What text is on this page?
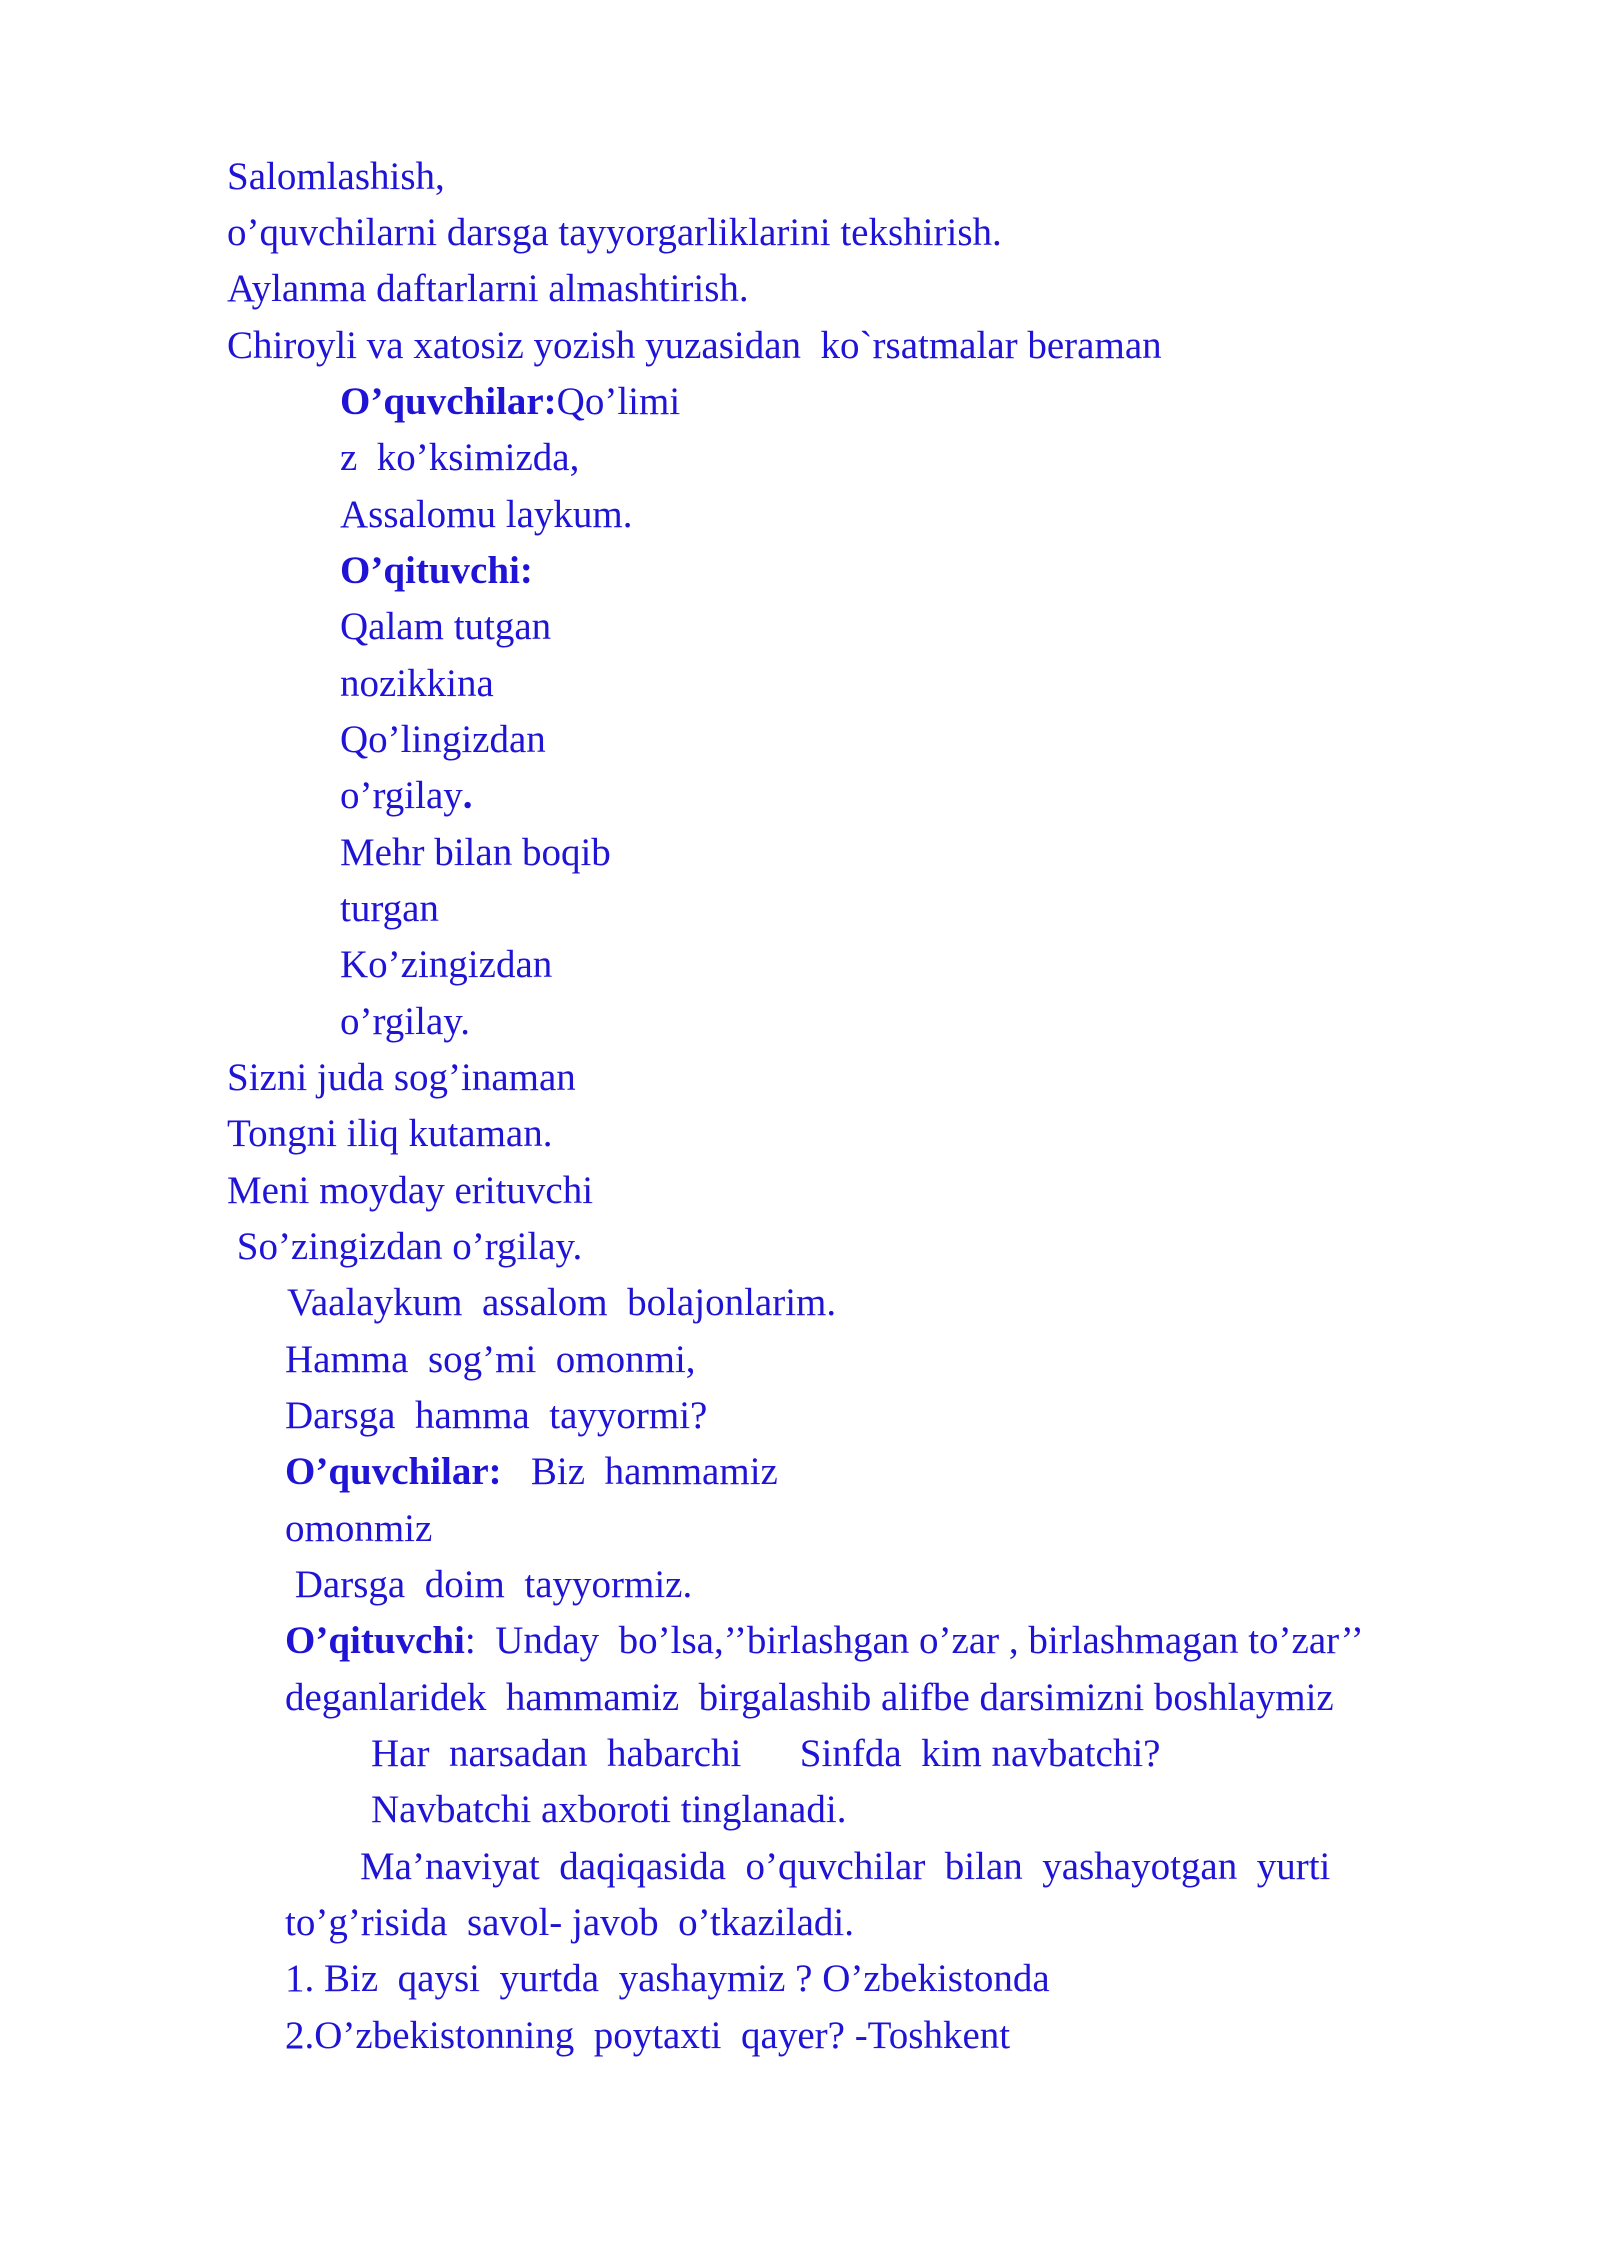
Salomlashish,
o’quvchilarni darsga tayyorgarliklarini tekshirish.
Aylanma daftarlarni almashtirish.
Chiroyli va xatosiz yozish yuzasidan  ko`rsatmalar beraman
O’quvchilar:Qo’limi
z  ko’ksimizda,
Assalomu laykum.
O’qituvchi:
Qalam tutgan
nozikkina
Qo’lingizdan
o’rgilay.
Mehr bilan boqib
turgan
Ko’zingizdan
o’rgilay.
Sizni juda sog’inaman
Tongni iliq kutaman.
Meni moyday erituvchi
So’zingizdan o’rgilay.
Vaalaykum  assalom  bolajonlarim.
Hamma  sog’mi  omonmi,
Darsga  hamma  tayyormi?
O’quvchilar:   Biz  hammamiz
omonmiz
Darsga  doim  tayyormiz.
O’qituvchi:  Unday  bo’lsa,’’birlashgan o’zar , birlashmagan to’zar’’
deganlaridek  hammamiz  birgalashib alifbe darsimizni boshlaymiz
Har  narsadan  habarchi      Sinfda  kim navbatchi?
Navbatchi axboroti tinglanadi.
Ma’naviyat  daqiqasida  o’quvchilar  bilan  yashayotgan  yurti
to’g’risida  savol- javob  o’tkaziladi.
1. Biz  qaysi  yurtda  yashaymiz ? O’zbekistonda
2.O’zbekistonning  poytaxti  qayer? -Toshkent
